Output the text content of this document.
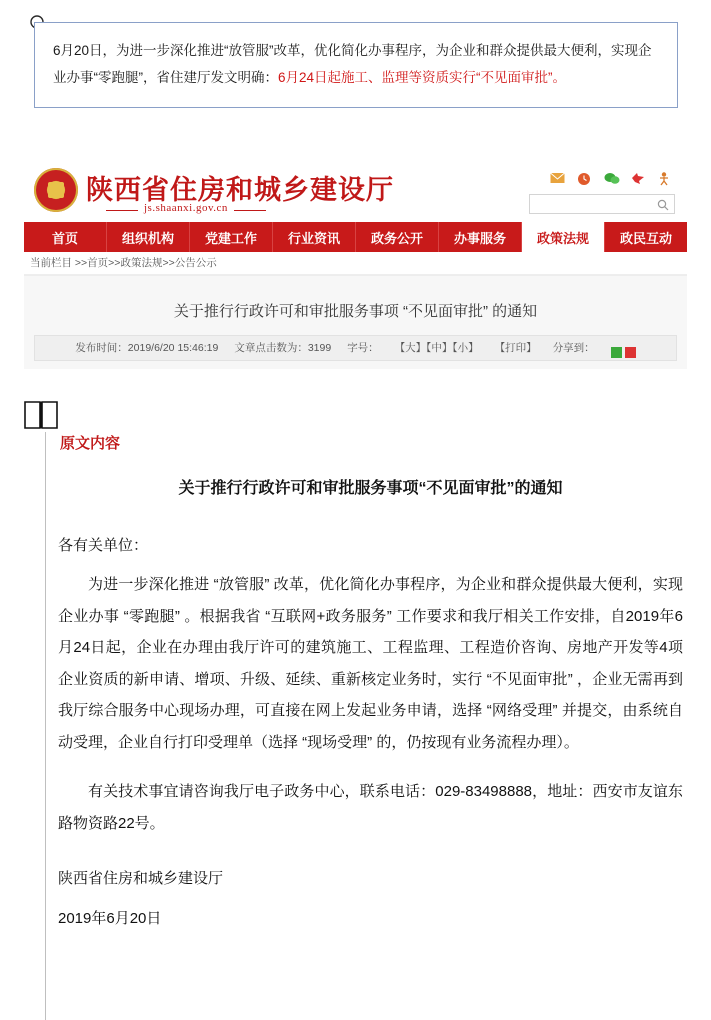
6月20日，为进一步深化推进“放管服”改革，优化简化办事程序，为企业和群众提供最大便利，实现企业办事“零跑腿”，省住建厅发文明确：6月24日起施工、监理等资质实行“不见面审批”。
陕西省住房和城乡建设厅
js.shaanxi.gov.cn
首页	组织机构	党建工作	行业资讯	政务公开	办事服务	政策法规	政民互动
当前栏目 >>首页>>政策法规>>公告公示
关于推行行政许可和审批服务事项 “不见面审批” 的通知
发布时间：2019/6/20 15:46:19 文章点击数为：3199 字号： 【大】【中】【小】 【打印】 分享到：
原文内容
关于推行行政许可和审批服务事项“不见面审批”的通知

各有关单位：

为进一步深化推进 “放管服” 改革，优化简化办事程序，为企业和群众提供最大便利，实现企业办事 “零跑腿” 。根据我省 “互联网+政务服务” 工作要求和我厅相关工作安排，自2019年6月24日起，企业在办理由我厅许可的建筑施工、工程监理、工程造价咨询、房地产开发等4项企业资质的新申请、增项、升级、延续、重新核定业务时，实行 “不见面审批” ，企业无需再到我厅综合服务中心现场办理，可直接在网上发起业务申请，选择 “网络受理” 并提交，由系统自动受理，企业自行打印受理单（选择 “现场受理” 的，仍按现有业务流程办理）。

有关技术事宜请咨询我厅电子政务中心，联系电话：029-83498888，地址：西安市友谊东路物资路22号。

陕西省住房和城乡建设厅

2019年6月20日
